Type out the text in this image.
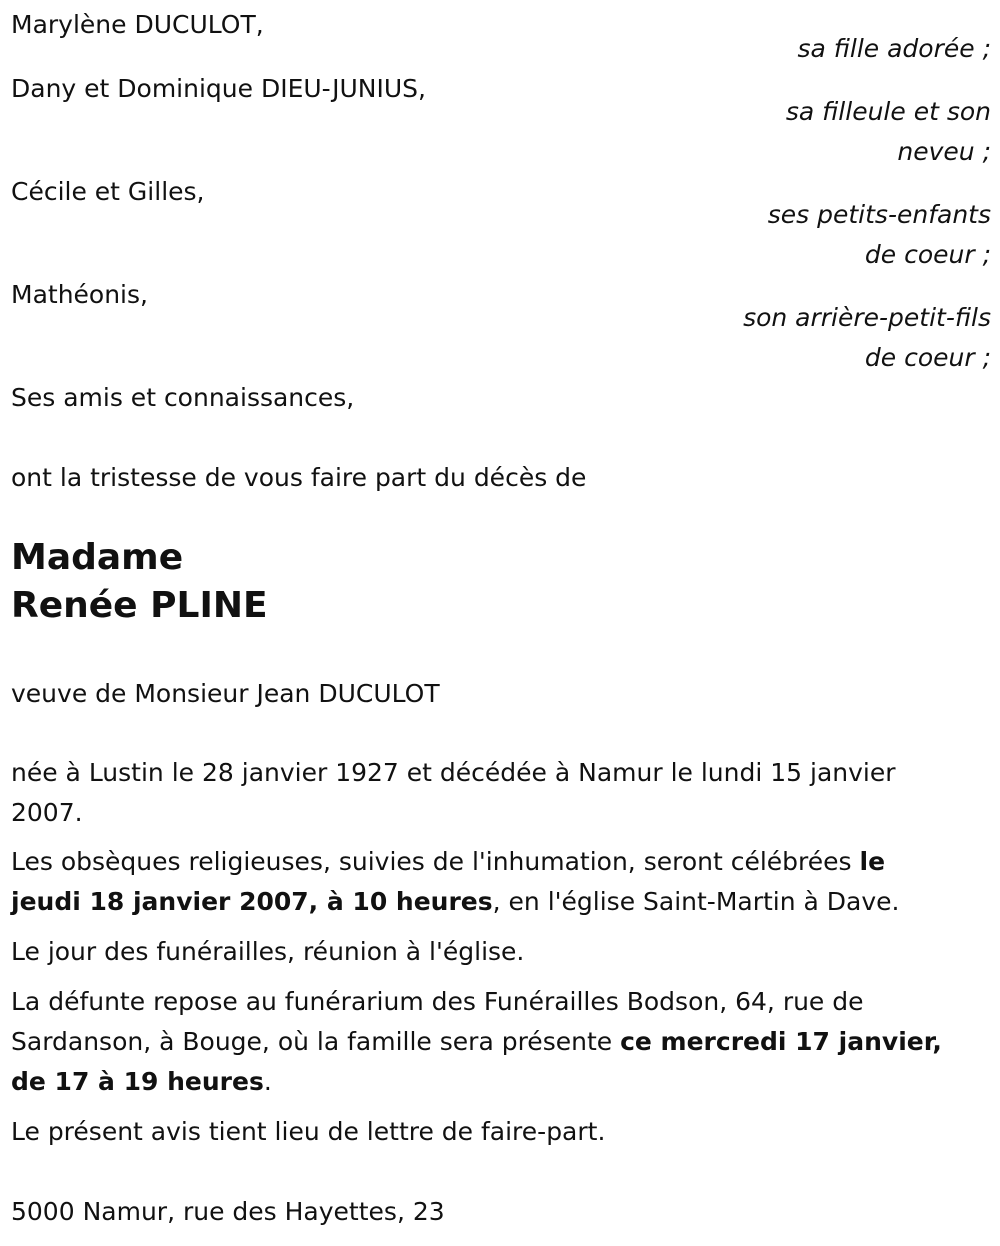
Marylène DUCULOT,
sa fille adorée ;
Dany et Dominique DIEU-JUNIUS,
sa filleule et son
neveu ;
Cécile et Gilles,
ses petits-enfants
de coeur ;
Mathéonis,
son arrière-petit-fils
de coeur ;
Ses amis et connaissances,
ont la tristesse de vous faire part du décès de
Madame
Renée PLINE
veuve de Monsieur Jean DUCULOT
née à Lustin le 28 janvier 1927 et décédée à Namur le lundi 15 janvier 2007.
Les obsèques religieuses, suivies de l'inhumation, seront célébrées le jeudi 18 janvier 2007, à 10 heures, en l'église Saint-Martin à Dave.
Le jour des funérailles, réunion à l'église.
La défunte repose au funérarium des Funérailles Bodson, 64, rue de Sardanson, à Bouge, où la famille sera présente ce mercredi 17 janvier, de 17 à 19 heures.
Le présent avis tient lieu de lettre de faire-part.
5000 Namur, rue des Hayettes, 23
